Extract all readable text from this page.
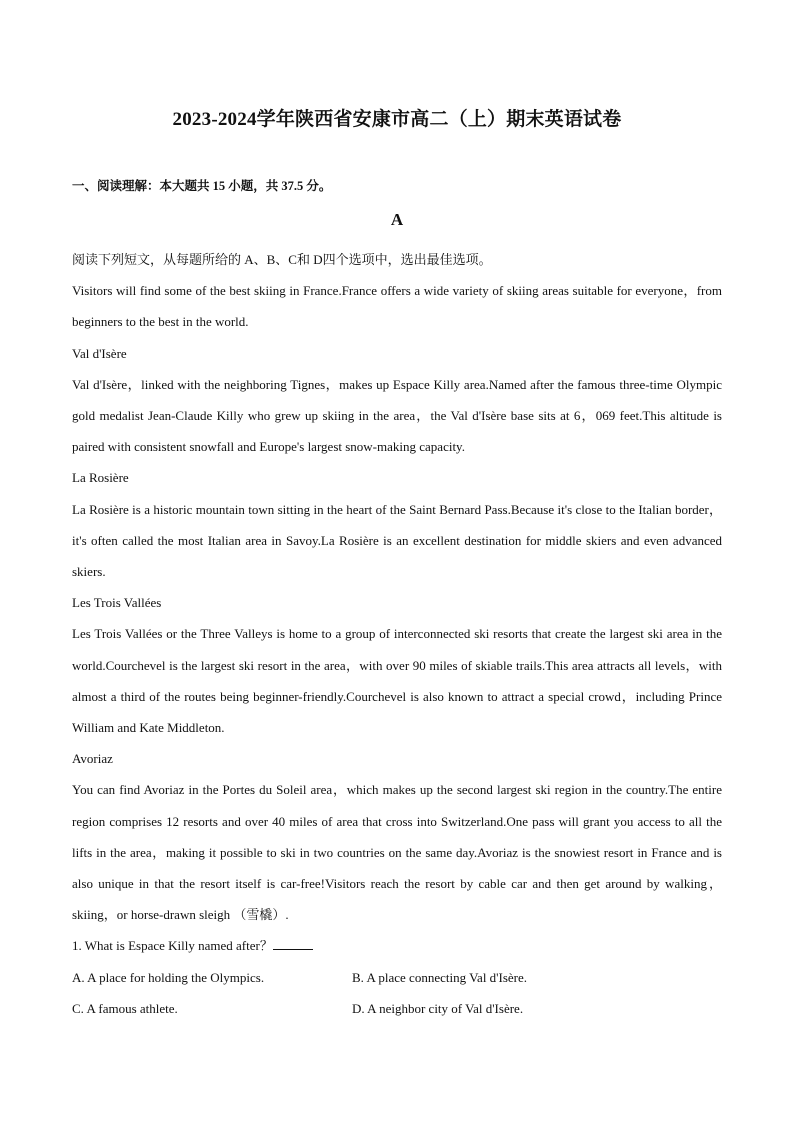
2023-2024学年陕西省安康市高二（上）期末英语试卷

一、阅读理解：本大题共 15 小题，共 37.5 分。

A

阅读下列短文，从每题所给的 A、B、C和 D四个选项中，选出最佳选项。

Visitors will find some of the best skiing in France.France offers a wide variety of skiing areas suitable for everyone，from beginners to the best in the world.

Val d'Isère

Val d'Isère，linked with the neighboring Tignes，makes up Espace Killy area.Named after the famous three-time Olympic gold medalist Jean-Claude Killy who grew up skiing in the area，the Val d'Isère base sits at 6，069 feet.This altitude is paired with consistent snowfall and Europe's largest snow-making capacity.

La Rosière

La Rosière is a historic mountain town sitting in the heart of the Saint Bernard Pass.Because it's close to the Italian border，it's often called the most Italian area in Savoy.La Rosière is an excellent destination for middle skiers and even advanced skiers.

Les Trois Vallées

Les Trois Vallées or the Three Valleys is home to a group of interconnected ski resorts that create the largest ski area in the world.Courchevel is the largest ski resort in the area，with over 90 miles of skiable trails.This area attracts all levels，with almost a third of the routes being beginner-friendly.Courchevel is also known to attract a special crowd，including Prince William and Kate Middleton.

Avoriaz

You can find Avoriaz in the Portes du Soleil area，which makes up the second largest ski region in the country.The entire region comprises 12 resorts and over 40 miles of area that cross into Switzerland.One pass will grant you access to all the lifts in the area，making it possible to ski in two countries on the same day.Avoriaz is the snowiest resort in France and is also unique in that the resort itself is car-free!Visitors reach the resort by cable car and then get around by walking，skiing，or horse-drawn sleigh （雪橇）.

1. What is Espace Killy named after？

A. A place for holding the Olympics.	B. A place connecting Val d'Isère.

C. A famous athlete.	D. A neighbor city of Val d'Isère.
